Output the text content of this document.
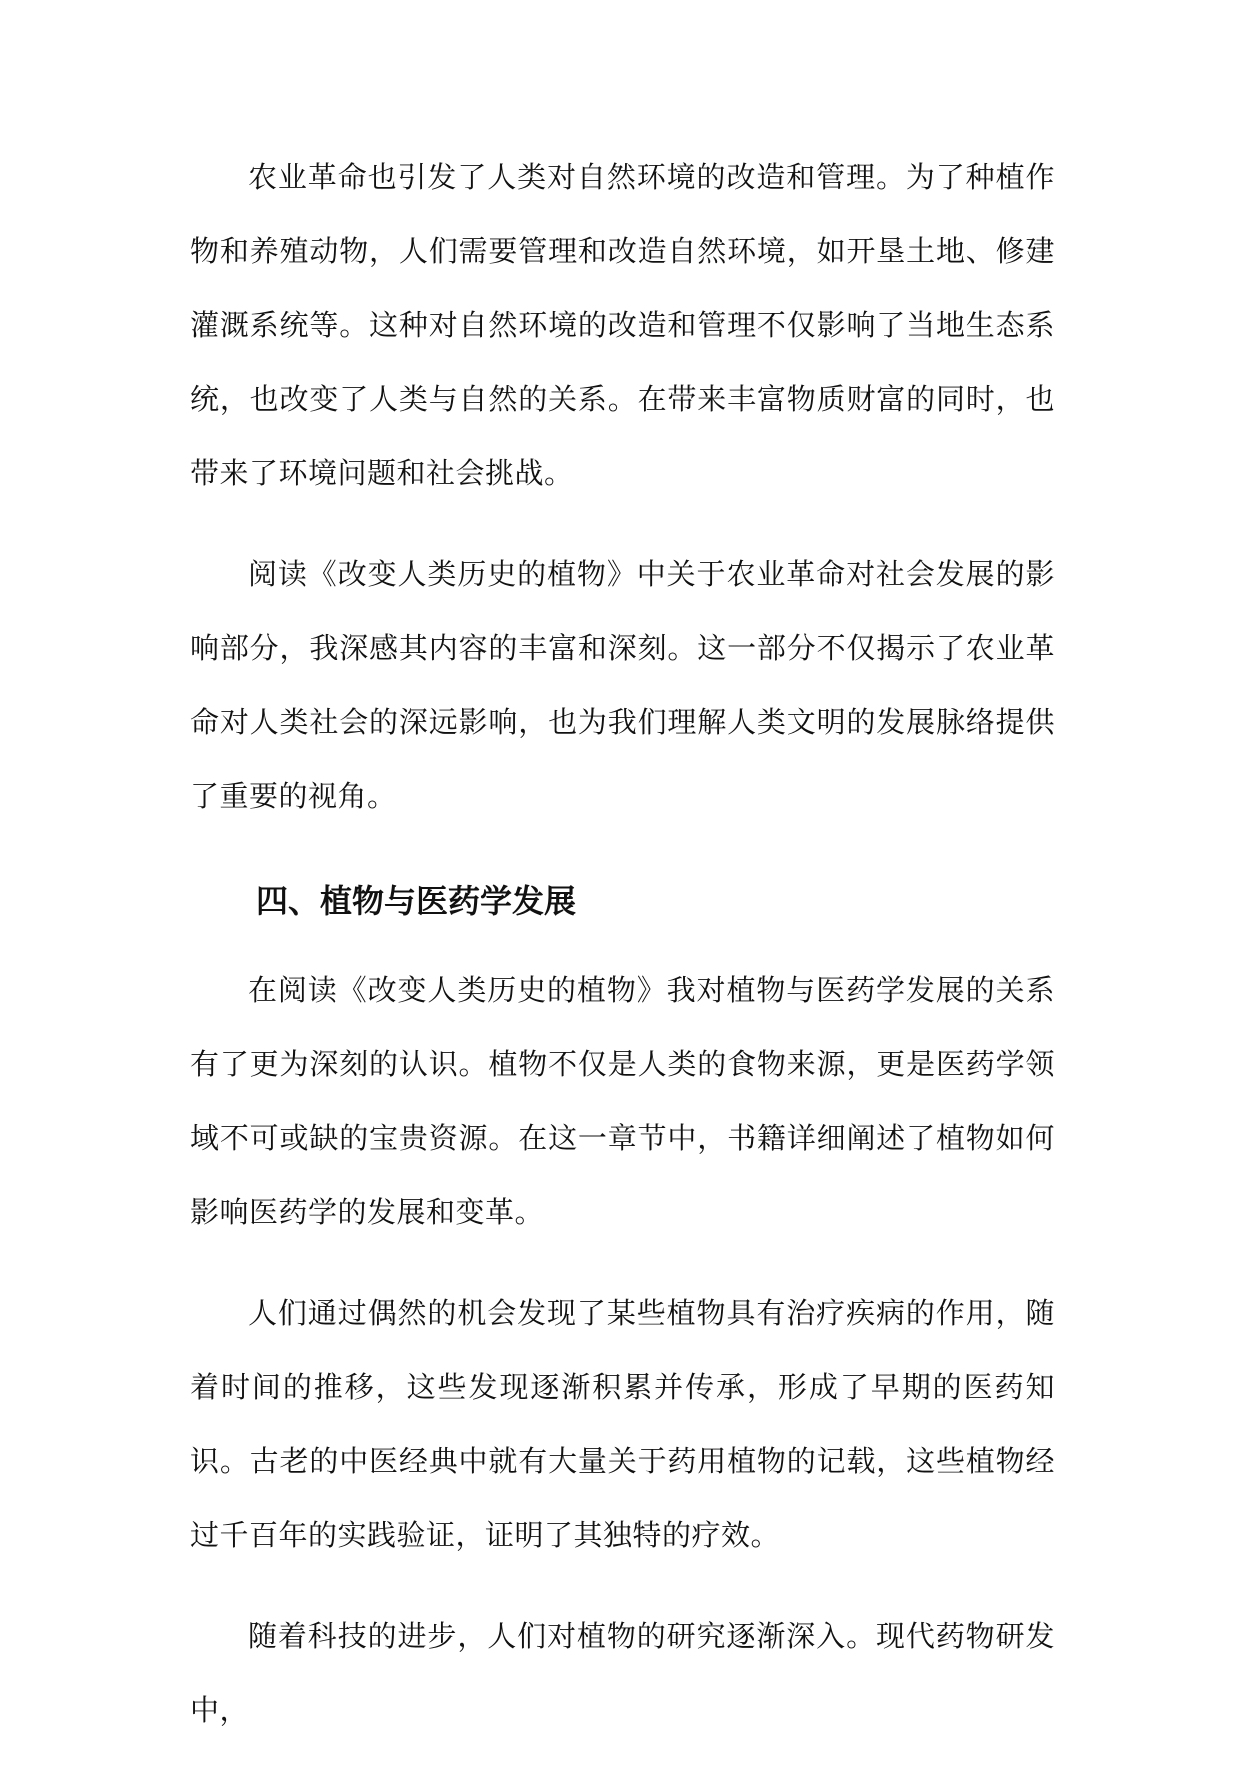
农业革命也引发了人类对自然环境的改造和管理。为了种植作物和养殖动物，人们需要管理和改造自然环境，如开垦土地、修建灌溉系统等。这种对自然环境的改造和管理不仅影响了当地生态系统，也改变了人类与自然的关系。在带来丰富物质财富的同时，也带来了环境问题和社会挑战。

阅读《改变人类历史的植物》中关于农业革命对社会发展的影响部分，我深感其内容的丰富和深刻。这一部分不仅揭示了农业革命对人类社会的深远影响，也为我们理解人类文明的发展脉络提供了重要的视角。

四、植物与医药学发展

在阅读《改变人类历史的植物》我对植物与医药学发展的关系有了更为深刻的认识。植物不仅是人类的食物来源，更是医药学领域不可或缺的宝贵资源。在这一章节中，书籍详细阐述了植物如何影响医药学的发展和变革。

人们通过偶然的机会发现了某些植物具有治疗疾病的作用，随着时间的推移，这些发现逐渐积累并传承，形成了早期的医药知识。古老的中医经典中就有大量关于药用植物的记载，这些植物经过千百年的实践验证，证明了其独特的疗效。

随着科技的进步，人们对植物的研究逐渐深入。现代药物研发中，
